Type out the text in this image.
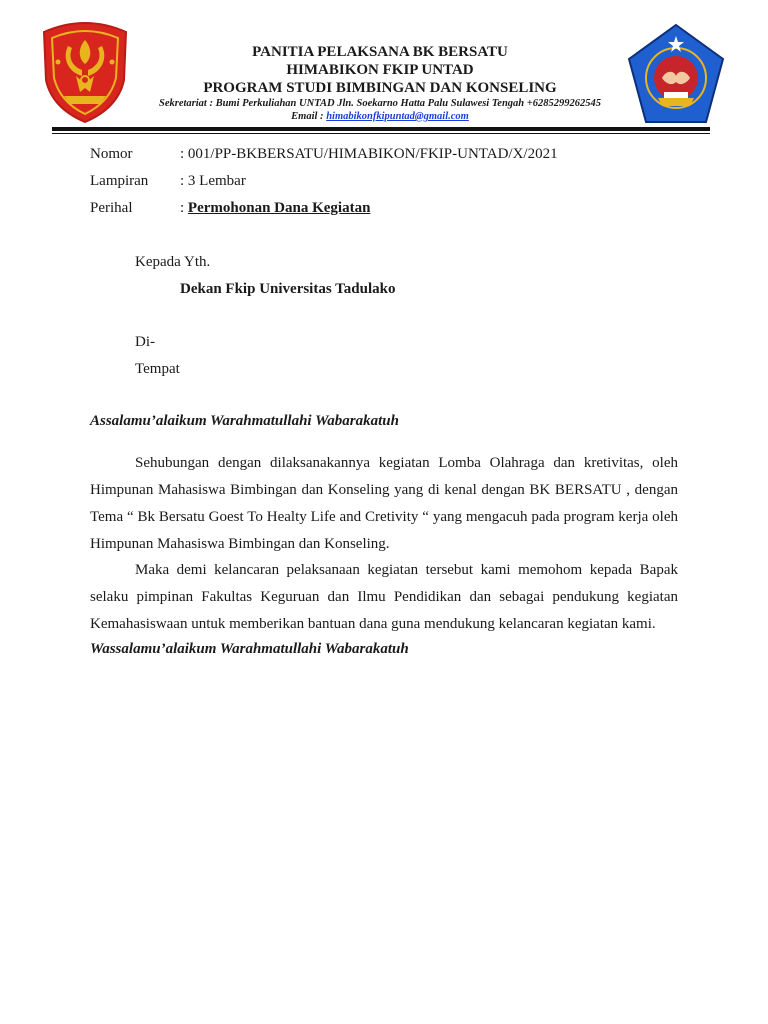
PANITIA PELAKSANA BK BERSATU
HIMABIKON FKIP UNTAD
PROGRAM STUDI BIMBINGAN DAN KONSELING
Sekretariat : Bumi Perkuliahan UNTAD Jln. Soekarno Hatta Palu Sulawesi Tengah +6285299262545
Email : himabikonfkipuntad@gmail.com
Nomor	: 001/PP-BKBERSATU/HIMABIKON/FKIP-UNTAD/X/2021
Lampiran : 3 Lembar
Perihal	: Permohonan Dana Kegiatan
Kepada Yth.
Dekan Fkip Universitas Tadulako
Di-
Tempat
Assalamu’alaikum Warahmatullahi Wabarakatuh

Sehubungan dengan dilaksanakannya kegiatan Lomba Olahraga dan kretivitas, oleh Himpunan Mahasiswa Bimbingan dan Konseling yang di kenal dengan BK BERSATU , dengan Tema “ Bk Bersatu Goest To Healty Life and Cretivity “ yang mengacuh pada program kerja oleh Himpunan Mahasiswa Bimbingan dan Konseling.

Maka demi kelancaran pelaksanaan kegiatan tersebut kami memohom kepada Bapak selaku pimpinan Fakultas Keguruan dan Ilmu Pendidikan dan sebagai pendukung kegiatan Kemahasiswaan untuk memberikan bantuan dana guna mendukung kelancaran kegiatan kami.

Wassalamu’alaikum Warahmatullahi Wabarakatuh
